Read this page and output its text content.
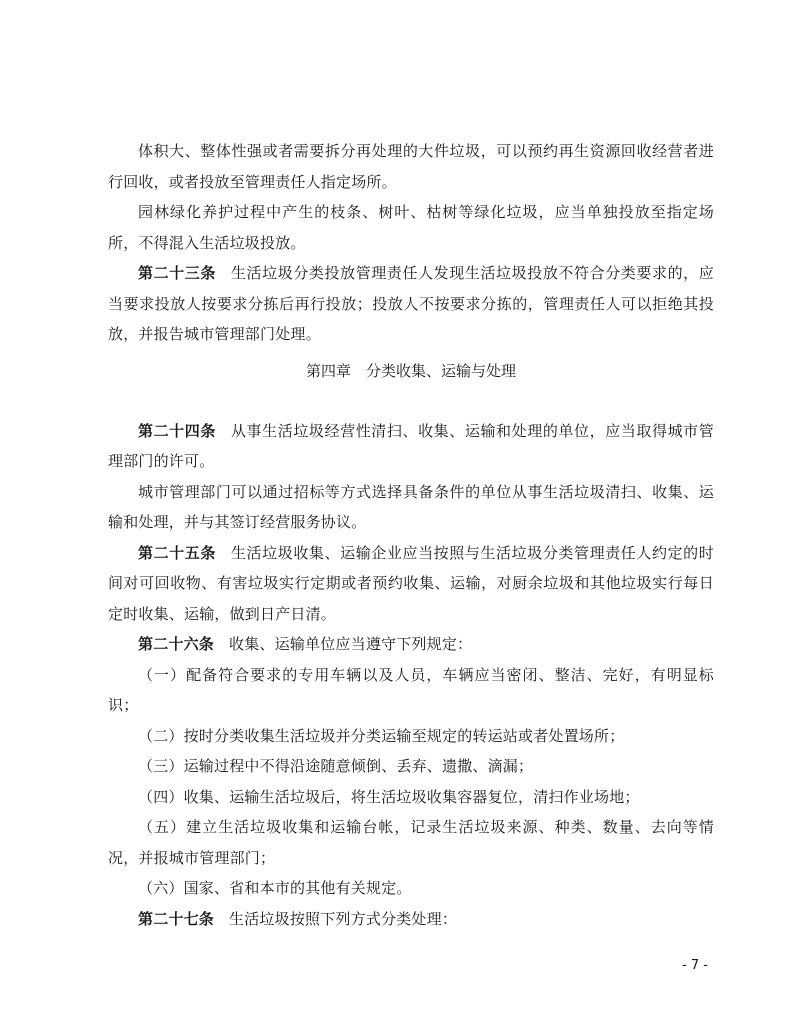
体积大、整体性强或者需要拆分再处理的大件垃圾，可以预约再生资源回收经营者进行回收，或者投放至管理责任人指定场所。

园林绿化养护过程中产生的枝条、树叶、枯树等绿化垃圾，应当单独投放至指定场所，不得混入生活垃圾投放。

第二十三条 生活垃圾分类投放管理责任人发现生活垃圾投放不符合分类要求的，应当要求投放人按要求分拣后再行投放；投放人不按要求分拣的，管理责任人可以拒绝其投放，并报告城市管理部门处理。

第四章　分类收集、运输与处理

第二十四条 从事生活垃圾经营性清扫、收集、运输和处理的单位，应当取得城市管理部门的许可。

城市管理部门可以通过招标等方式选择具备条件的单位从事生活垃圾清扫、收集、运输和处理，并与其签订经营服务协议。

第二十五条 生活垃圾收集、运输企业应当按照与生活垃圾分类管理责任人约定的时间对可回收物、有害垃圾实行定期或者预约收集、运输，对厨余垃圾和其他垃圾实行每日定时收集、运输，做到日产日清。

第二十六条 收集、运输单位应当遵守下列规定：

（一）配备符合要求的专用车辆以及人员，车辆应当密闭、整洁、完好，有明显标识；

（二）按时分类收集生活垃圾并分类运输至规定的转运站或者处置场所；

（三）运输过程中不得沿途随意倾倒、丢弃、遗撒、滴漏；

（四）收集、运输生活垃圾后，将生活垃圾收集容器复位，清扫作业场地；

（五）建立生活垃圾收集和运输台帐，记录生活垃圾来源、种类、数量、去向等情况，并报城市管理部门；

（六）国家、省和本市的其他有关规定。

第二十七条 生活垃圾按照下列方式分类处理：

- 7 -
